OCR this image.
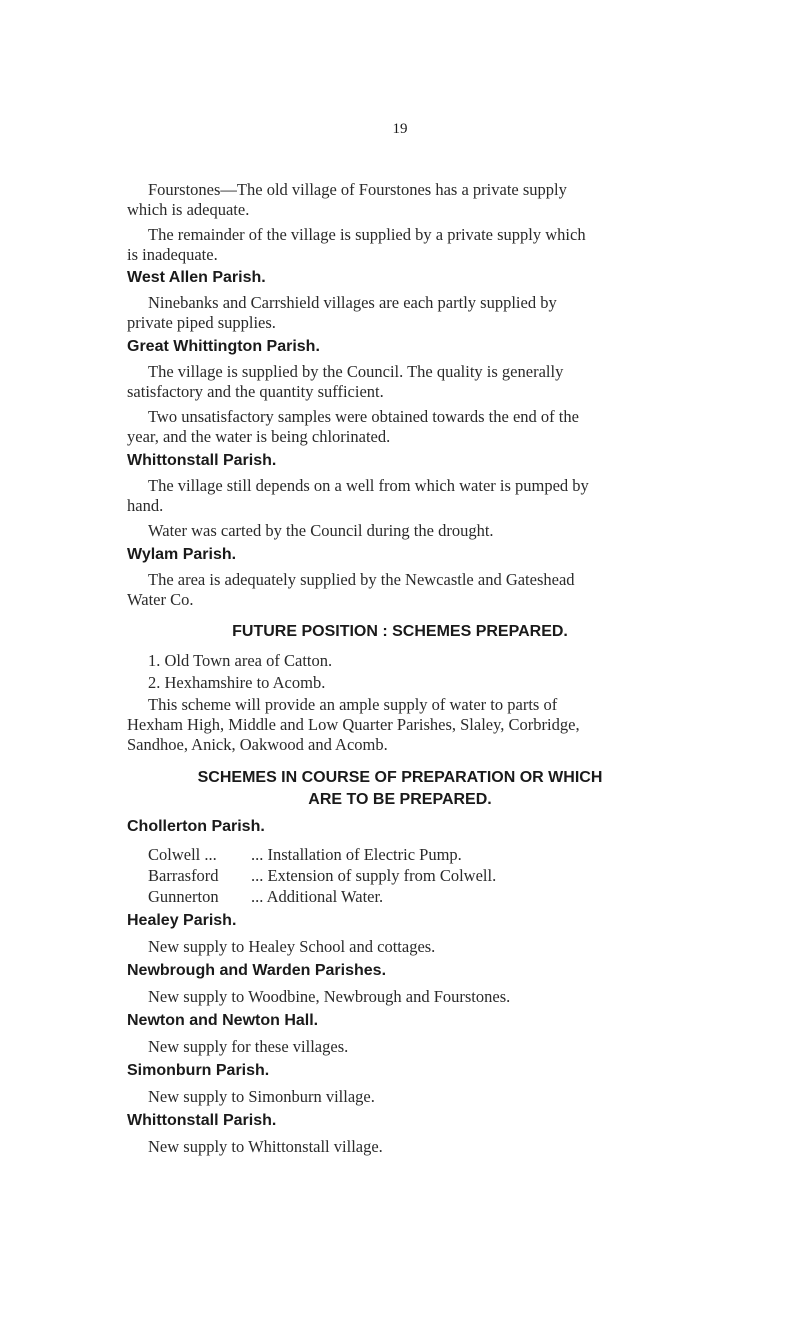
19
Fourstones—The old village of Fourstones has a private supply
which is adequate.
The remainder of the village is supplied by a private supply which
is inadequate.
West Allen Parish.
Ninebanks and Carrshield villages are each partly supplied by
private piped supplies.
Great Whittington Parish.
The village is supplied by the Council. The quality is generally
satisfactory and the quantity sufficient.
Two unsatisfactory samples were obtained towards the end of the
year, and the water is being chlorinated.
Whittonstall Parish.
The village still depends on a well from which water is pumped by
hand.
Water was carted by the Council during the drought.
Wylam Parish.
The area is adequately supplied by the Newcastle and Gateshead
Water Co.
FUTURE POSITION : SCHEMES PREPARED.
1. Old Town area of Catton.
2. Hexhamshire to Acomb.
This scheme will provide an ample supply of water to parts of
Hexham High, Middle and Low Quarter Parishes, Slaley, Corbridge,
Sandhoe, Anick, Oakwood and Acomb.
SCHEMES IN COURSE OF PREPARATION OR WHICH
ARE TO BE PREPARED.
Chollerton Parish.
Colwell ... ... Installation of Electric Pump.
Barrasford ... Extension of supply from Colwell.
Gunnerton ... Additional Water.
Healey Parish.
New supply to Healey School and cottages.
Newbrough and Warden Parishes.
New supply to Woodbine, Newbrough and Fourstones.
Newton and Newton Hall.
New supply for these villages.
Simonburn Parish.
New supply to Simonburn village.
Whittonstall Parish.
New supply to Whittonstall village.
